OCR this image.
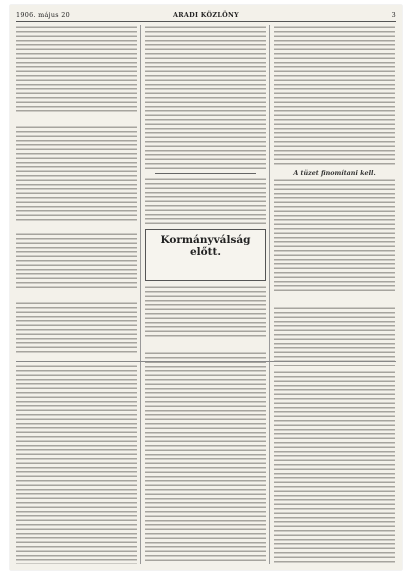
1906. május 20	ARADI KÖZLÖNY	3
Kormányválság előtt.
A tüzet finomítani kell.
